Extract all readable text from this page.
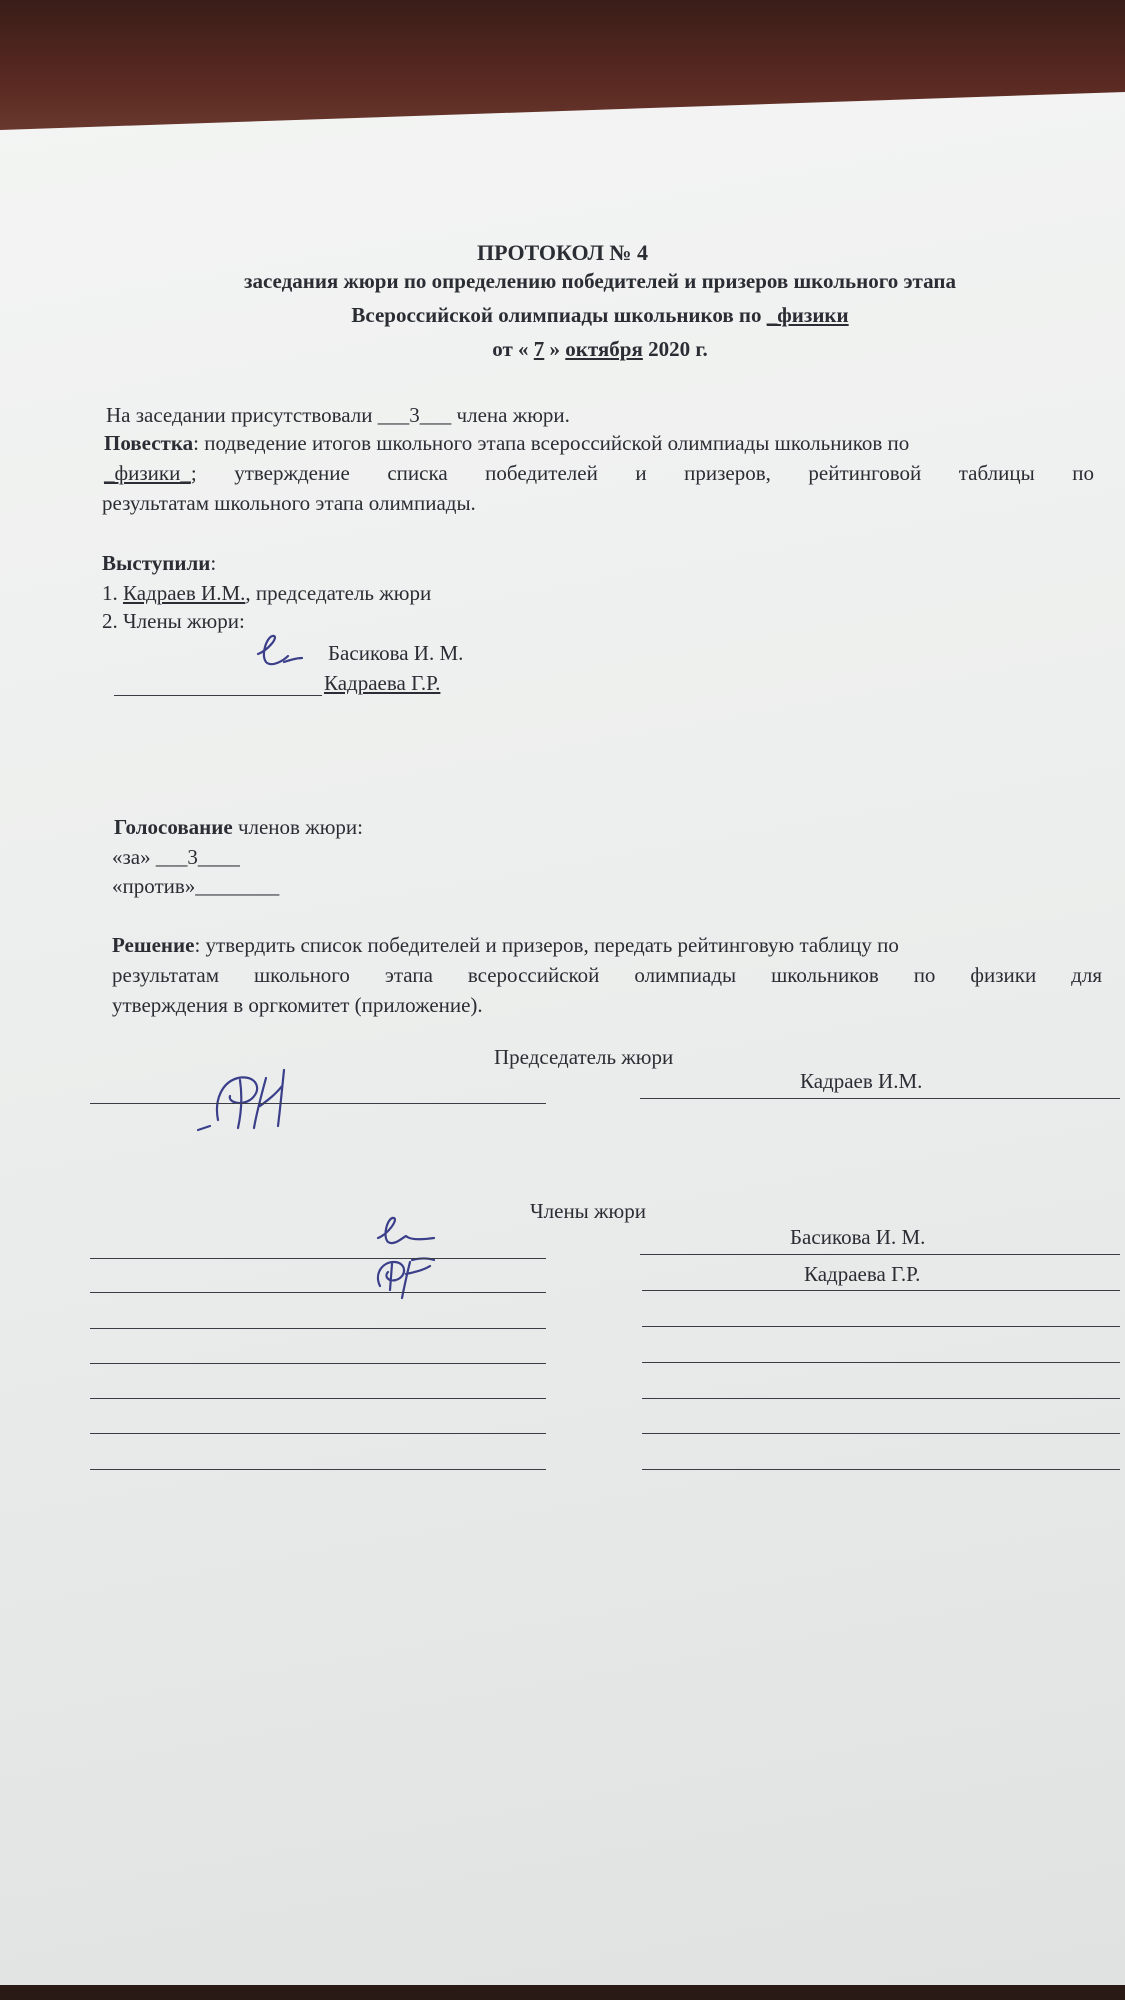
ПРОТОКОЛ № 4
заседания жюри по определению победителей и призеров школьного этапа
Всероссийской олимпиады школьников по _физики
от « 7 » октября 2020 г.
На заседании присутствовали ___3___ члена жюри.
Повестка: подведение итогов школьного этапа всероссийской олимпиады школьников по
_физики_; утверждение списка победителей и призеров, рейтинговой таблицы по
результатам школьного этапа олимпиады.
Выступили:
1. Кадраев И.М., председатель жюри
2. Члены жюри:
Басикова И. М.
Кадраева Г.Р.
Голосование членов жюри:
«за» ___3____
«против»________
Решение: утвердить список победителей и призеров, передать рейтинговую таблицу по
результатам школьного этапа всероссийской олимпиады школьников по физики для
утверждения в оргкомитет (приложение).
Председатель жюри
Кадраев И.М.
Члены жюри
Басикова И. М.
Кадраева Г.Р.
